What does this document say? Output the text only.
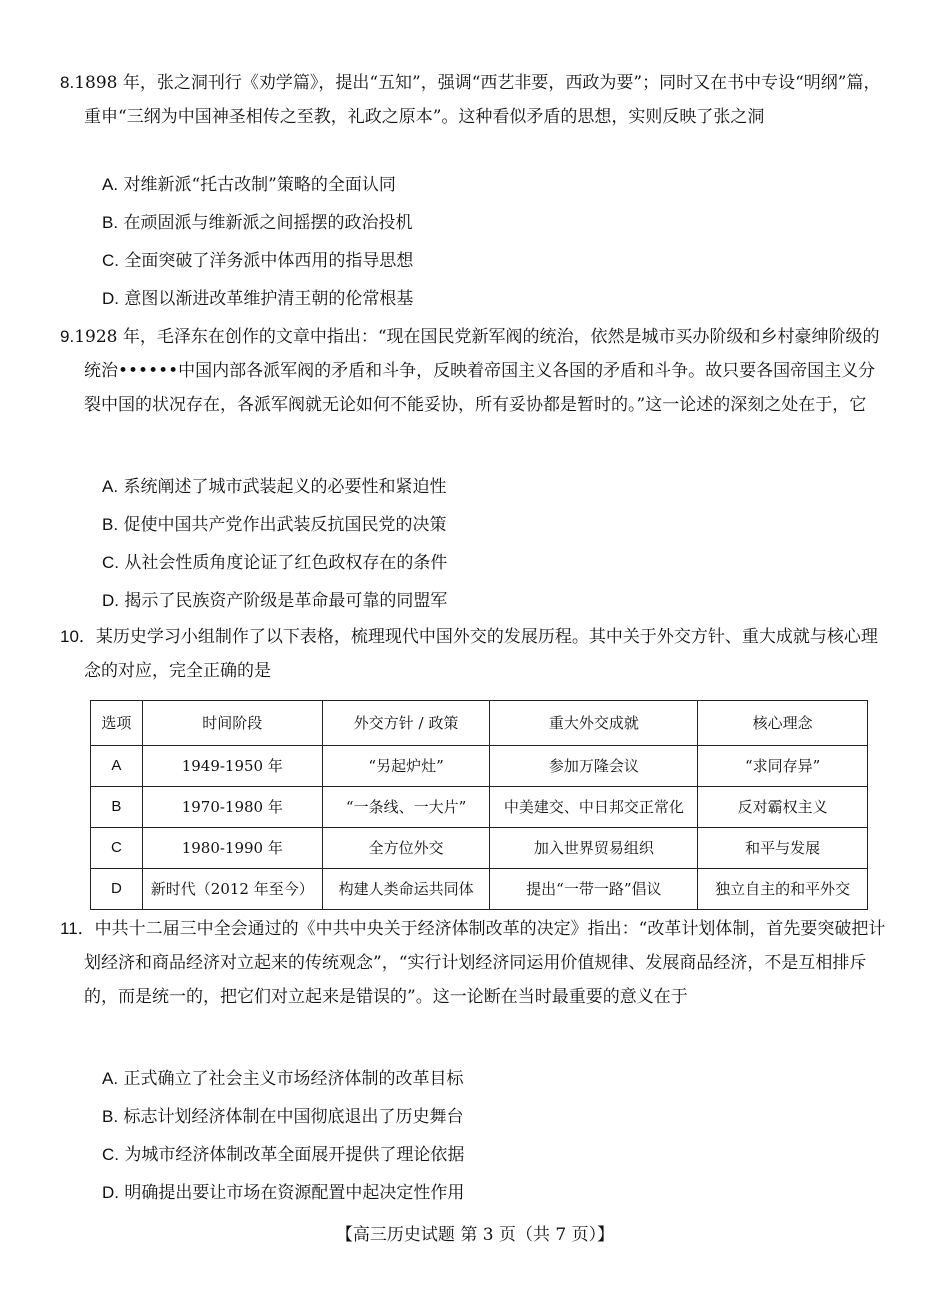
8.1898 年，张之洞刊行《劝学篇》，提出“五知”，强调“西艺非要，西政为要”；同时又在书中专设“明纲”篇，重申“三纲为中国神圣相传之至教，礼政之原本”。这种看似矛盾的思想，实则反映了张之洞

A. 对维新派“托古改制”策略的全面认同

B. 在顽固派与维新派之间摇摆的政治投机

C. 全面突破了洋务派中体西用的指导思想

D. 意图以渐进改革维护清王朝的伦常根基

9.1928 年，毛泽东在创作的文章中指出：“现在国民党新军阀的统治，依然是城市买办阶级和乡村豪绅阶级的统治••••••中国内部各派军阀的矛盾和斗争，反映着帝国主义各国的矛盾和斗争。故只要各国帝国主义分裂中国的状况存在，各派军阀就无论如何不能妥协，所有妥协都是暂时的。”这一论述的深刻之处在于，它

A. 系统阐述了城市武装起义的必要性和紧迫性

B. 促使中国共产党作出武装反抗国民党的决策

C. 从社会性质角度论证了红色政权存在的条件

D. 揭示了民族资产阶级是革命最可靠的同盟军

10．某历史学习小组制作了以下表格，梳理现代中国外交的发展历程。其中关于外交方针、重大成就与核心理念的对应，完全正确的是

选项	时间阶段	外交方针 / 政策	重大外交成就	核心理念
A	1949-1950 年	“另起炉灶”	参加万隆会议	“求同存异”
B	1970-1980 年	“一条线、一大片”	中美建交、中日邦交正常化	反对霸权主义
C	1980-1990 年	全方位外交	加入世界贸易组织	和平与发展
D	新时代（2012 年至今）	构建人类命运共同体	提出“一带一路”倡议	独立自主的和平外交

11．中共十二届三中全会通过的《中共中央关于经济体制改革的决定》指出：“改革计划体制，首先要突破把计划经济和商品经济对立起来的传统观念”，“实行计划经济同运用价值规律、发展商品经济，不是互相排斥的，而是统一的，把它们对立起来是错误的”。这一论断在当时最重要的意义在于

A. 正式确立了社会主义市场经济体制的改革目标

B. 标志计划经济体制在中国彻底退出了历史舞台

C. 为城市经济体制改革全面展开提供了理论依据

D. 明确提出要让市场在资源配置中起决定性作用

【高三历史试题 第 3 页（共 7 页）】
